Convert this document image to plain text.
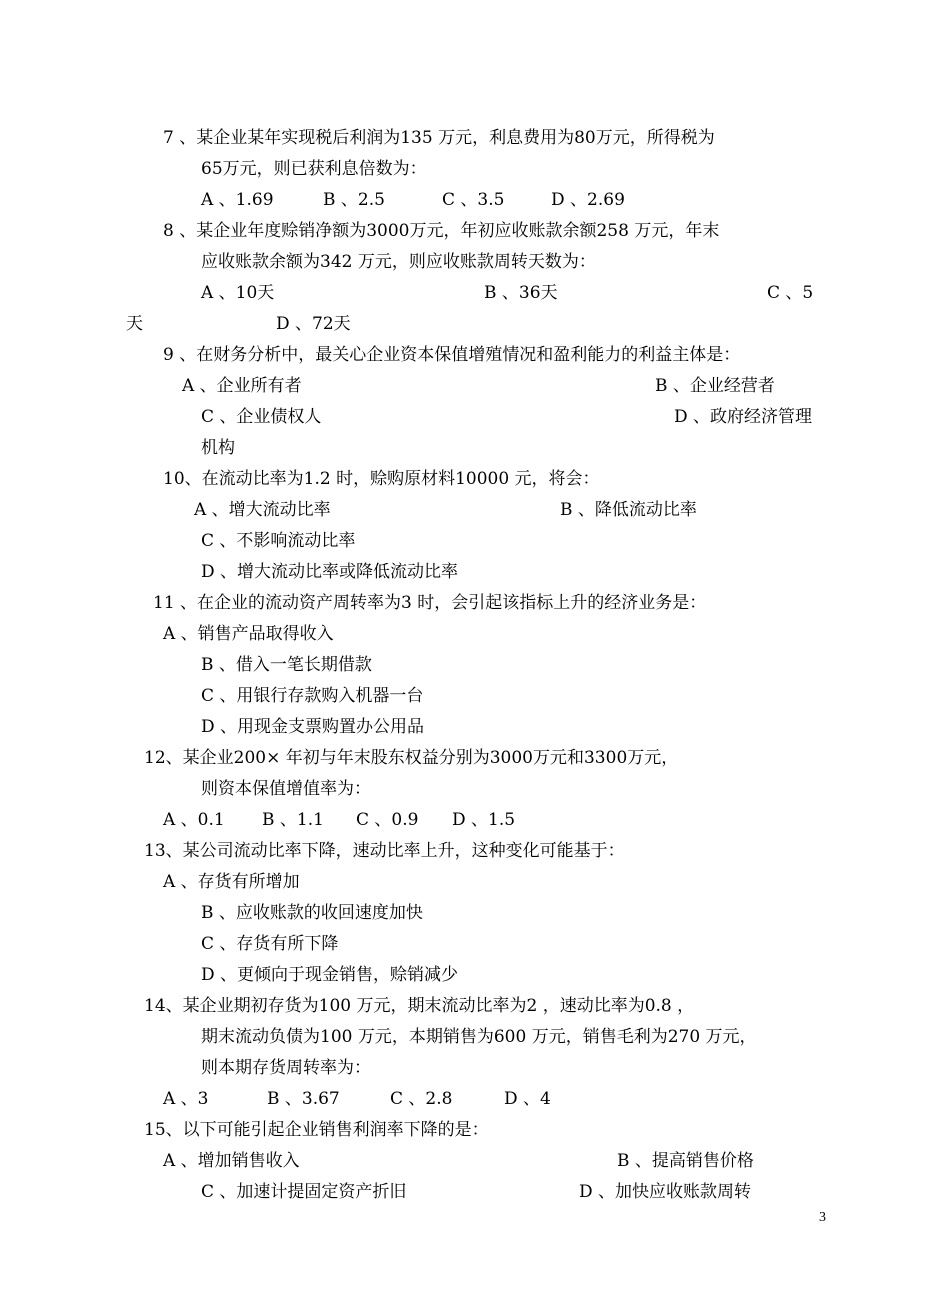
7 、某企业某年实现税后利润为135 万元，利息费用为80万元，所得税为
65万元，则已获利息倍数为：
A 、1.69	B 、2.5	C 、3.5	D 、2.69
8 、某企业年度赊销净额为3000万元，年初应收账款余额258 万元，年末
应收账款余额为342 万元，则应收账款周转天数为：
A 、10天	B 、36天	C 、5
天	D 、72天
9 、在财务分析中，最关心企业资本保值增殖情况和盈利能力的利益主体是：
A 、企业所有者	B 、企业经营者
C 、企业债权人	D 、政府经济管理
机构
10、在流动比率为1.2 时，赊购原材料10000 元，将会：
A 、增大流动比率	B 、降低流动比率
C 、不影响流动比率
D 、增大流动比率或降低流动比率
11 、在企业的流动资产周转率为3 时，会引起该指标上升的经济业务是：
A 、销售产品取得收入
B 、借入一笔长期借款
C 、用银行存款购入机器一台
D 、用现金支票购置办公用品
12、某企业200× 年初与年末股东权益分别为3000万元和3300万元，
则资本保值增值率为：
A 、0.1 B 、1.1 C 、0.9 D 、1.5
13、某公司流动比率下降，速动比率上升，这种变化可能基于：
A 、存货有所增加
B 、应收账款的收回速度加快
C 、存货有所下降
D 、更倾向于现金销售，赊销减少
14、某企业期初存货为100 万元，期末流动比率为2 ，速动比率为0.8 ，
期末流动负债为100 万元，本期销售为600 万元，销售毛利为270 万元，
则本期存货周转率为：
A 、3	B 、3.67	C 、2.8	D 、4
15、以下可能引起企业销售利润率下降的是：
A 、增加销售收入	B 、提高销售价格
C 、加速计提固定资产折旧	D 、加快应收账款周转
3
